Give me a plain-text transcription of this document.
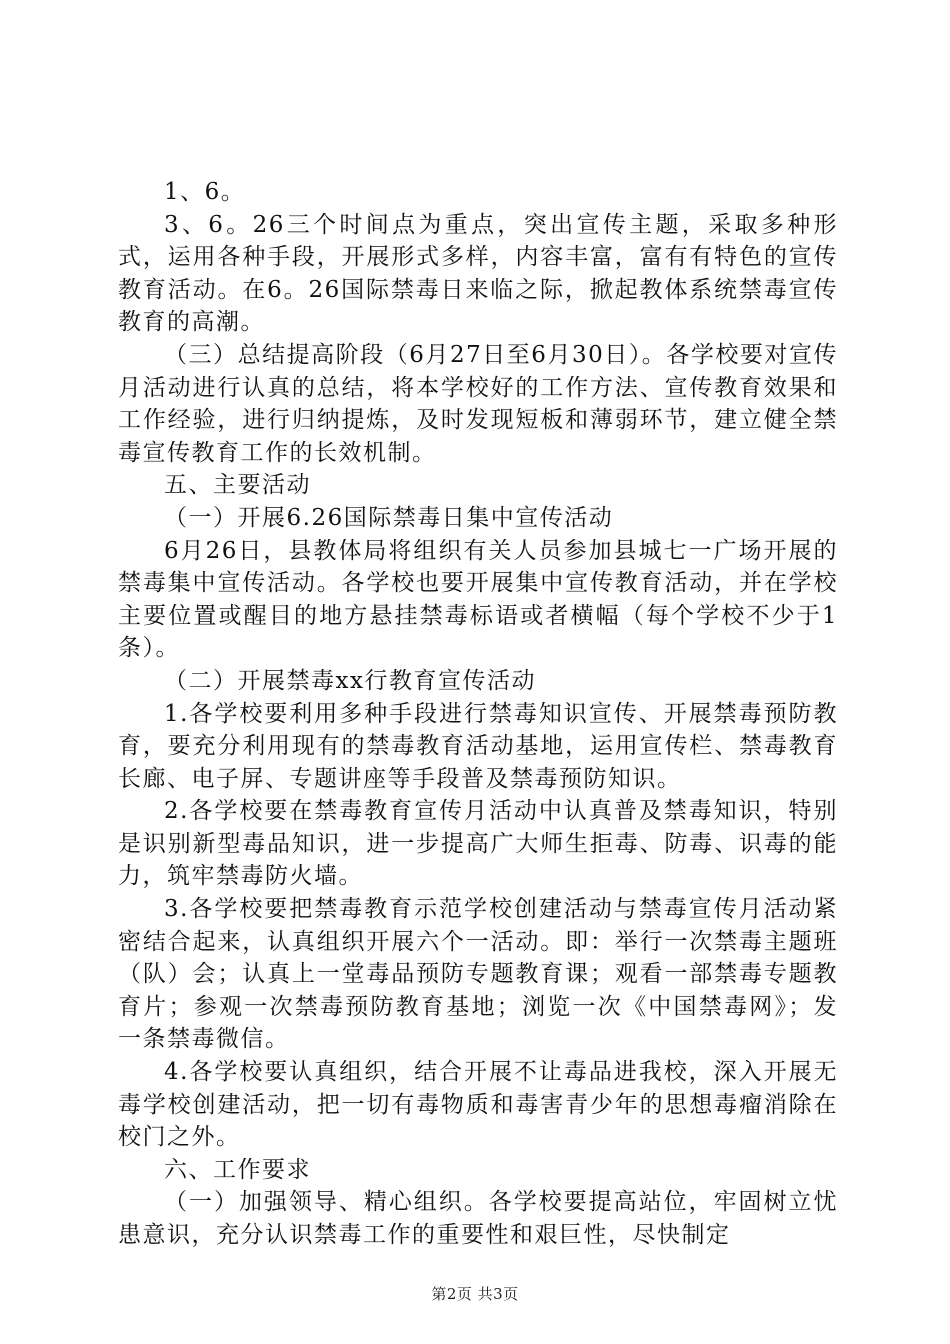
1、6。

3、6。26三个时间点为重点，突出宣传主题，采取多种形式，运用各种手段，开展形式多样，内容丰富，富有有特色的宣传教育活动。在6。26国际禁毒日来临之际，掀起教体系统禁毒宣传教育的高潮。

（三）总结提高阶段（6月27日至6月30日）。各学校要对宣传月活动进行认真的总结，将本学校好的工作方法、宣传教育效果和工作经验，进行归纳提炼，及时发现短板和薄弱环节，建立健全禁毒宣传教育工作的长效机制。

五、主要活动

（一）开展6.26国际禁毒日集中宣传活动

6月26日，县教体局将组织有关人员参加县城七一广场开展的禁毒集中宣传活动。各学校也要开展集中宣传教育活动，并在学校主要位置或醒目的地方悬挂禁毒标语或者横幅（每个学校不少于1条）。

（二）开展禁毒xx行教育宣传活动

1.各学校要利用多种手段进行禁毒知识宣传、开展禁毒预防教育，要充分利用现有的禁毒教育活动基地，运用宣传栏、禁毒教育长廊、电子屏、专题讲座等手段普及禁毒预防知识。

2.各学校要在禁毒教育宣传月活动中认真普及禁毒知识，特别是识别新型毒品知识，进一步提高广大师生拒毒、防毒、识毒的能力，筑牢禁毒防火墙。

3.各学校要把禁毒教育示范学校创建活动与禁毒宣传月活动紧密结合起来，认真组织开展六个一活动。即：举行一次禁毒主题班（队）会；认真上一堂毒品预防专题教育课；观看一部禁毒专题教育片；参观一次禁毒预防教育基地；浏览一次《中国禁毒网》；发一条禁毒微信。

4.各学校要认真组织，结合开展不让毒品进我校，深入开展无毒学校创建活动，把一切有毒物质和毒害青少年的思想毒瘤消除在校门之外。

六、工作要求

（一）加强领导、精心组织。各学校要提高站位，牢固树立忧患意识，充分认识禁毒工作的重要性和艰巨性，尽快制定

第2页 共3页
